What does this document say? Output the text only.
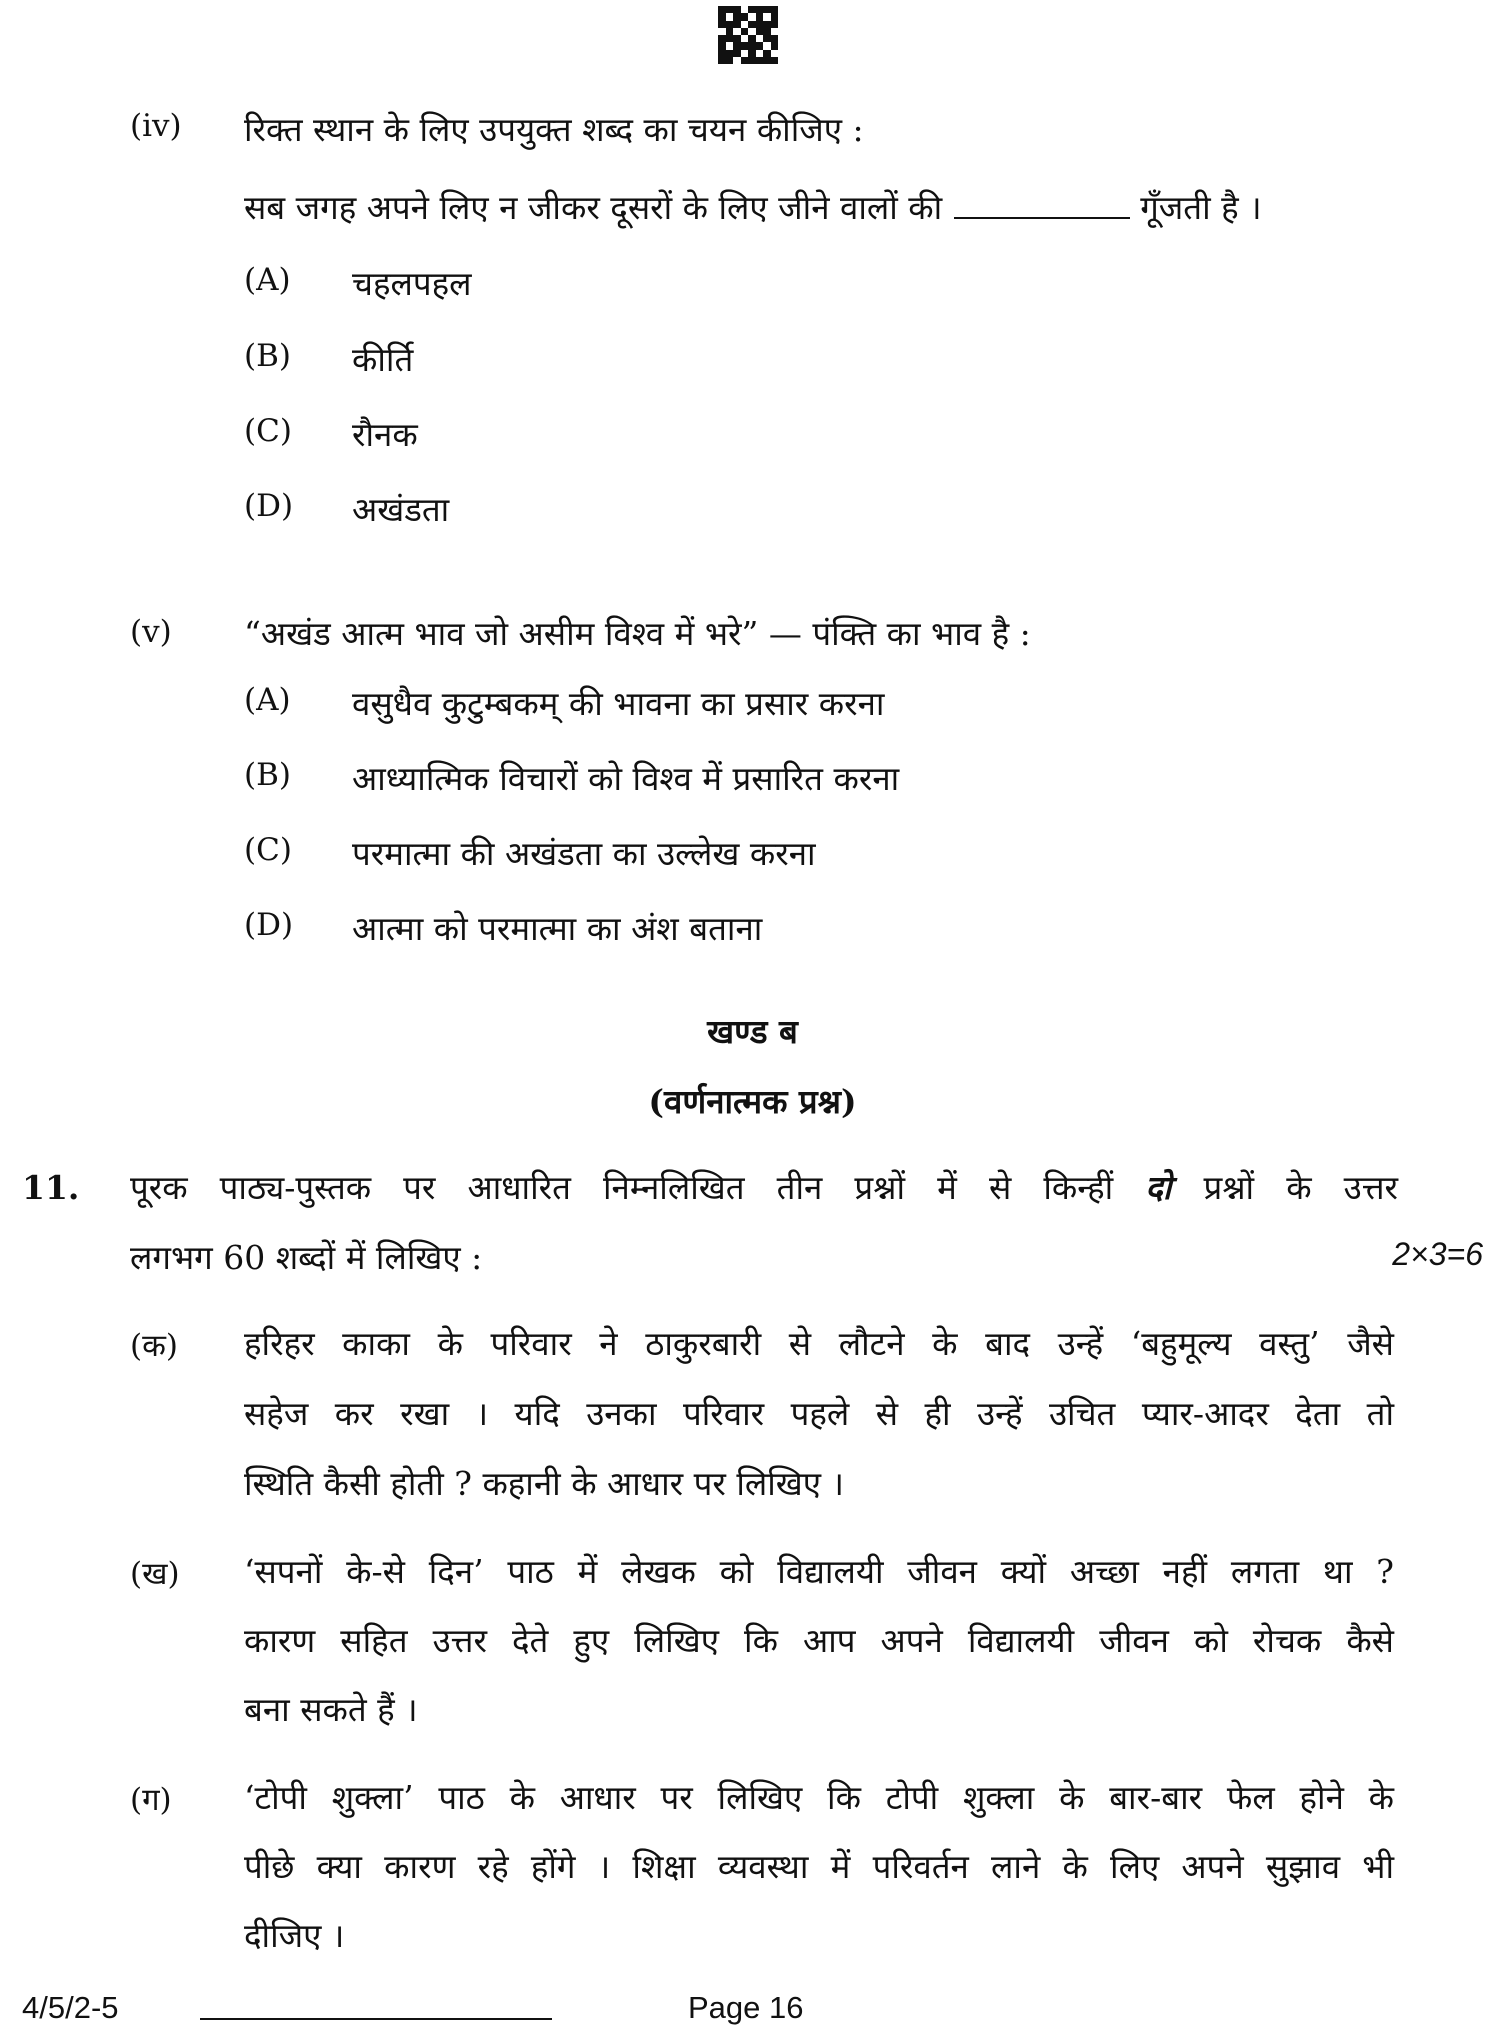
(iv) रिक्त स्थान के लिए उपयुक्त शब्द का चयन कीजिए :
सब जगह अपने लिए न जीकर दूसरों के लिए जीने वालों की	गूँजती है ।
(A) चहलपहल
(B) कीर्ति
(C) रौनक
(D) अखंडता
(v) “अखंड आत्म भाव जो असीम विश्व में भरे” — पंक्ति का भाव है :
(A) वसुधैव कुटुम्बकम् की भावना का प्रसार करना
(B) आध्यात्मिक विचारों को विश्व में प्रसारित करना
(C) परमात्मा की अखंडता का उल्लेख करना
(D) आत्मा को परमात्मा का अंश बताना
खण्ड ब
(वर्णनात्मक प्रश्न)
11. पूरक पाठ्य-पुस्तक पर आधारित निम्नलिखित तीन प्रश्नों में से किन्हीं दो प्रश्नों के उत्तर
लगभग 60 शब्दों में लिखिए :	2×3=6
(क) हरिहर काका के परिवार ने ठाकुरबारी से लौटने के बाद उन्हें ‘बहुमूल्य वस्तु’ जैसे
सहेज कर रखा । यदि उनका परिवार पहले से ही उन्हें उचित प्यार-आदर देता तो
स्थिति कैसी होती ? कहानी के आधार पर लिखिए ।
(ख) ‘सपनों के-से दिन’ पाठ में लेखक को विद्यालयी जीवन क्यों अच्छा नहीं लगता था ?
कारण सहित उत्तर देते हुए लिखिए कि आप अपने विद्यालयी जीवन को रोचक कैसे
बना सकते हैं ।
(ग) ‘टोपी शुक्ला’ पाठ के आधार पर लिखिए कि टोपी शुक्ला के बार-बार फेल होने के
पीछे क्या कारण रहे होंगे । शिक्षा व्यवस्था में परिवर्तन लाने के लिए अपने सुझाव भी
दीजिए ।
4/5/2-5	Page 16
